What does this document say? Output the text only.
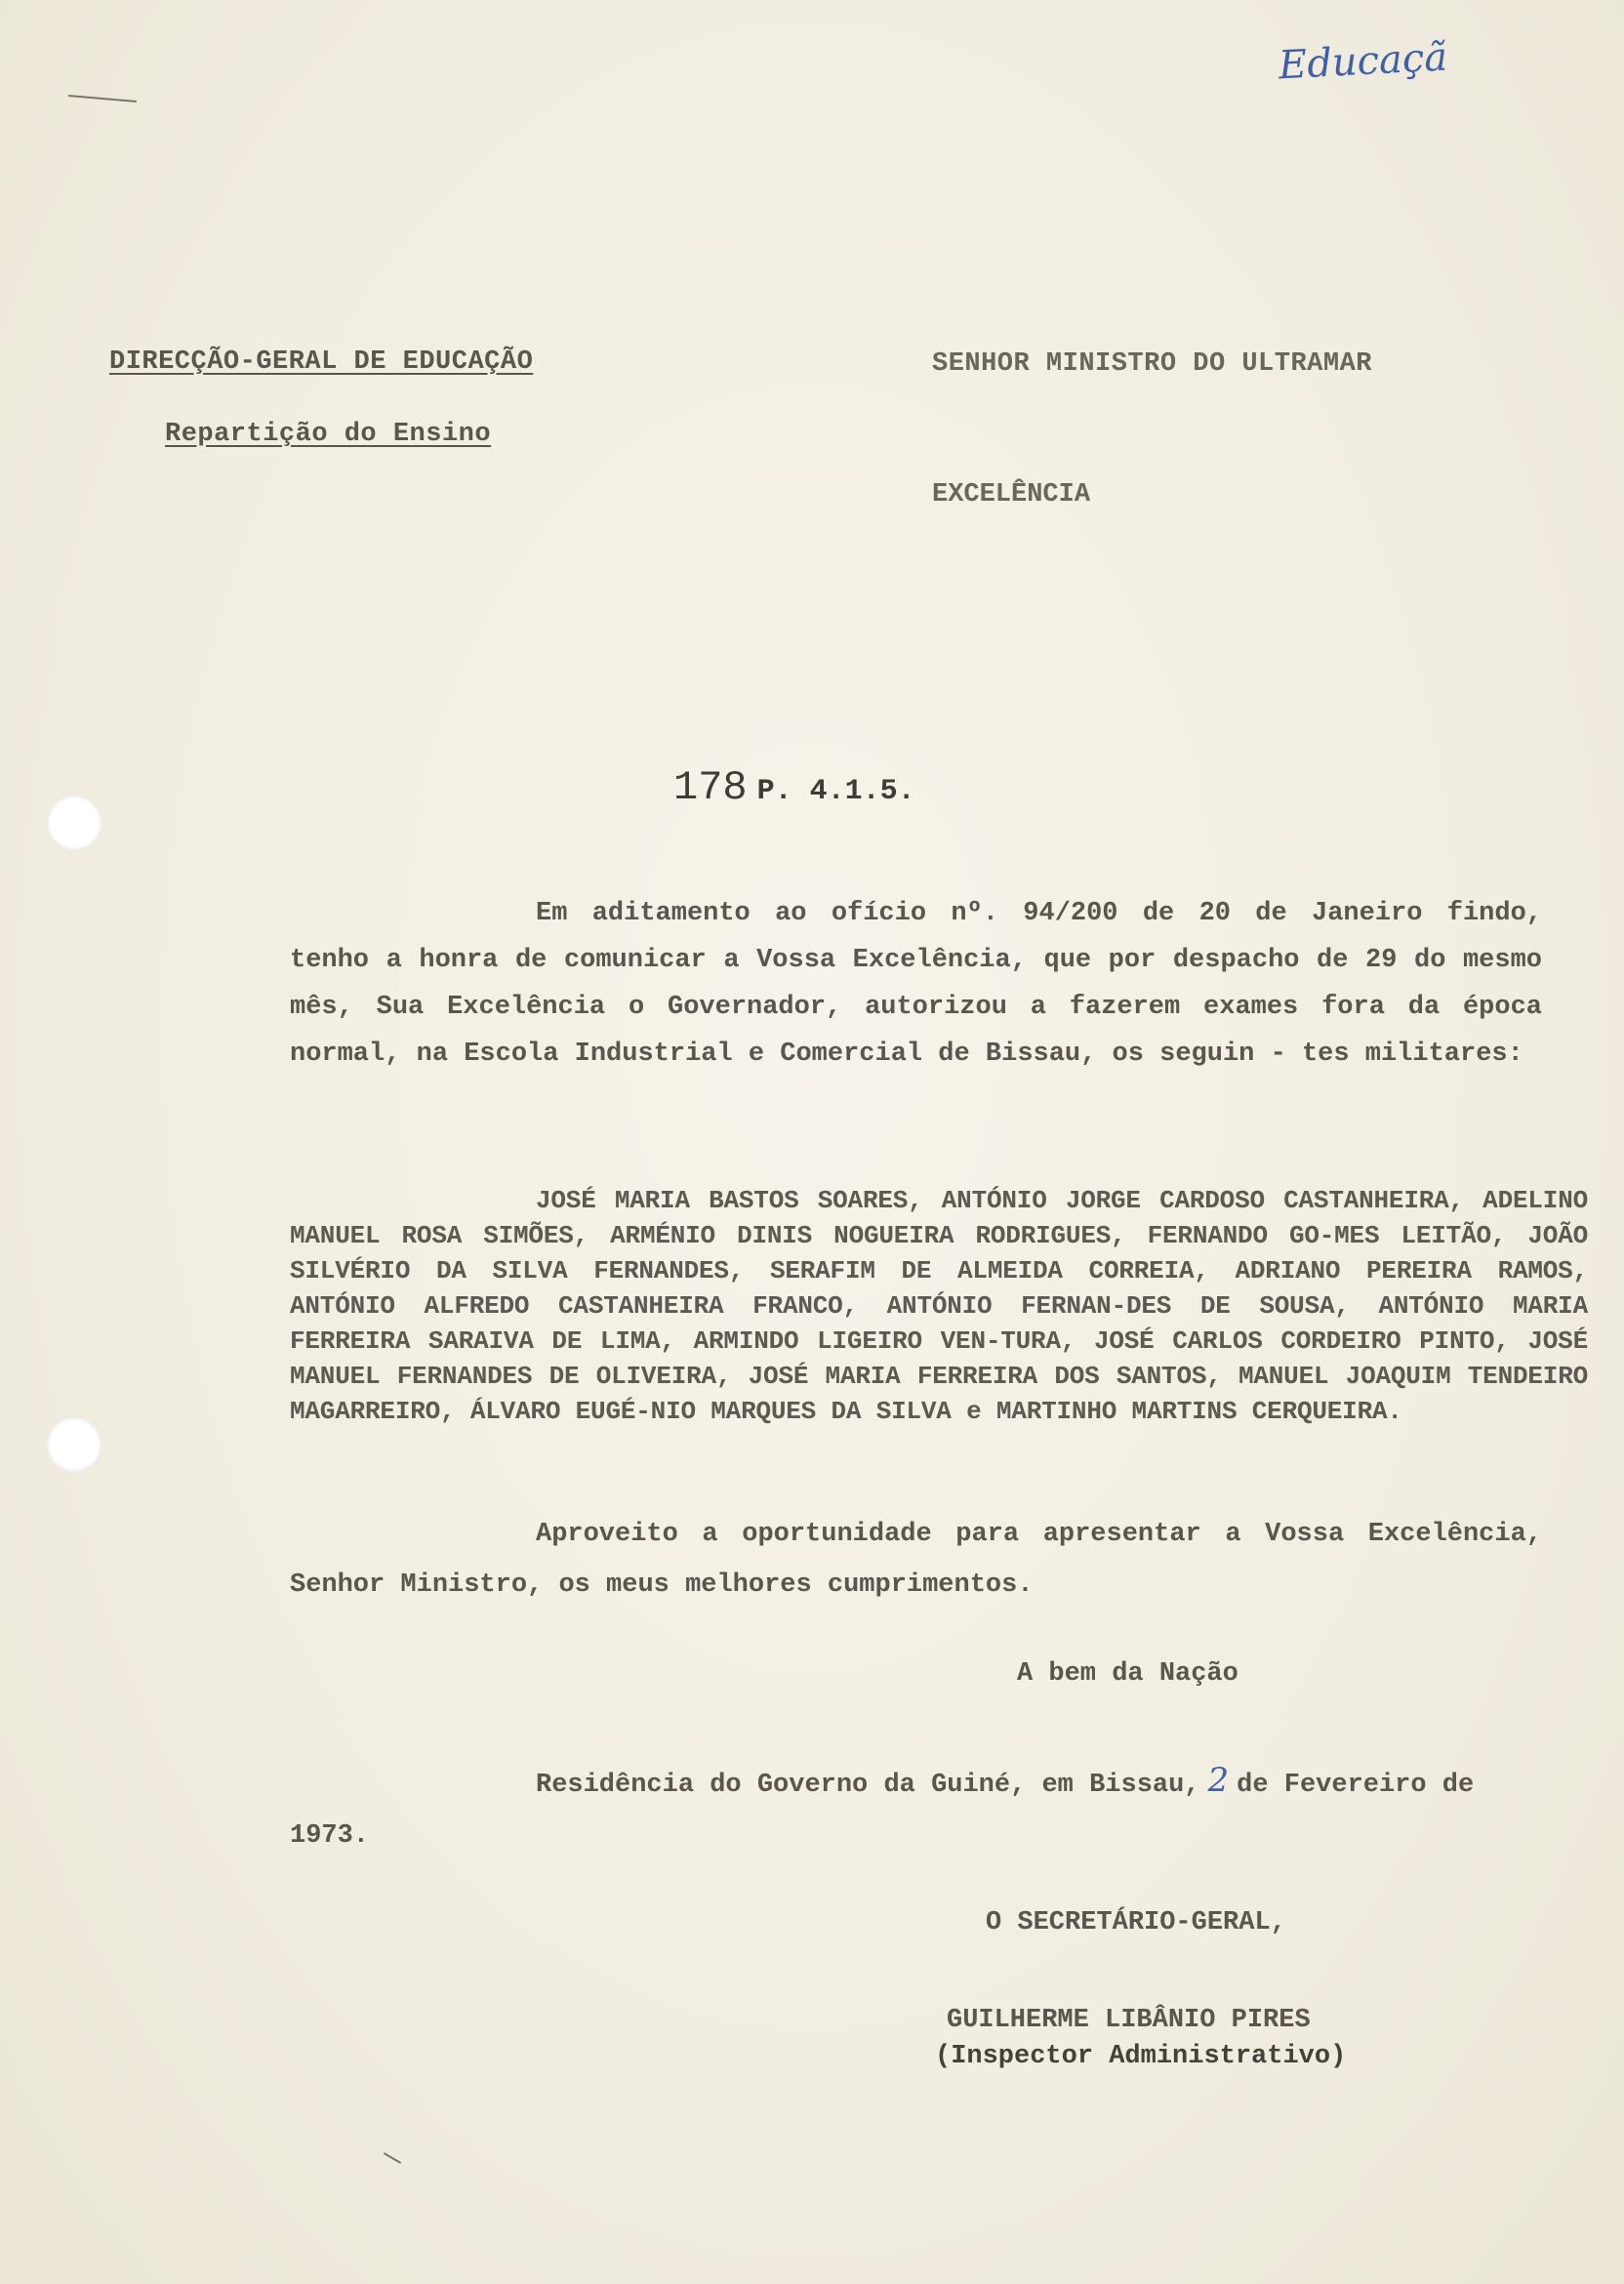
Educaçã
DIRECÇÃO-GERAL DE EDUCAÇÃO
Repartição do Ensino
SENHOR MINISTRO DO ULTRAMAR
EXCELÊNCIA
178 P. 4.1.5.

Em aditamento ao ofício nº. 94/200 de 20 de Janeiro findo, tenho a honra de comunicar a Vossa Excelência, que por despacho de 29 do mesmo mês, Sua Excelência o Governador, autorizou a fazerem exames fora da época normal, na Escola Industrial e Comercial de Bissau, os seguin - tes militares:

JOSÉ MARIA BASTOS SOARES, ANTÓNIO JORGE CARDOSO CASTANHEIRA, ADELINO MANUEL ROSA SIMÕES, ARMÉNIO DINIS NOGUEIRA RODRIGUES, FERNANDO GO-MES LEITÃO, JOÃO SILVÉRIO DA SILVA FERNANDES, SERAFIM DE ALMEIDA CORREIA, ADRIANO PEREIRA RAMOS, ANTÓNIO ALFREDO CASTANHEIRA FRANCO, ANTÓNIO FERNAN-DES DE SOUSA, ANTÓNIO MARIA FERREIRA SARAIVA DE LIMA, ARMINDO LIGEIRO VEN-TURA, JOSÉ CARLOS CORDEIRO PINTO, JOSÉ MANUEL FERNANDES DE OLIVEIRA, JOSÉ MARIA FERREIRA DOS SANTOS, MANUEL JOAQUIM TENDEIRO MAGARREIRO, ÁLVARO EUGÉ-NIO MARQUES DA SILVA e MARTINHO MARTINS CERQUEIRA.

Aproveito a oportunidade para apresentar a Vossa Excelência, Senhor Ministro, os meus melhores cumprimentos.

A bem da Nação

Residência do Governo da Guiné, em Bissau, 2 de Fevereiro de 1973.

O SECRETÁRIO-GERAL,
GUILHERME LIBÂNIO PIRES
(Inspector Administrativo)
